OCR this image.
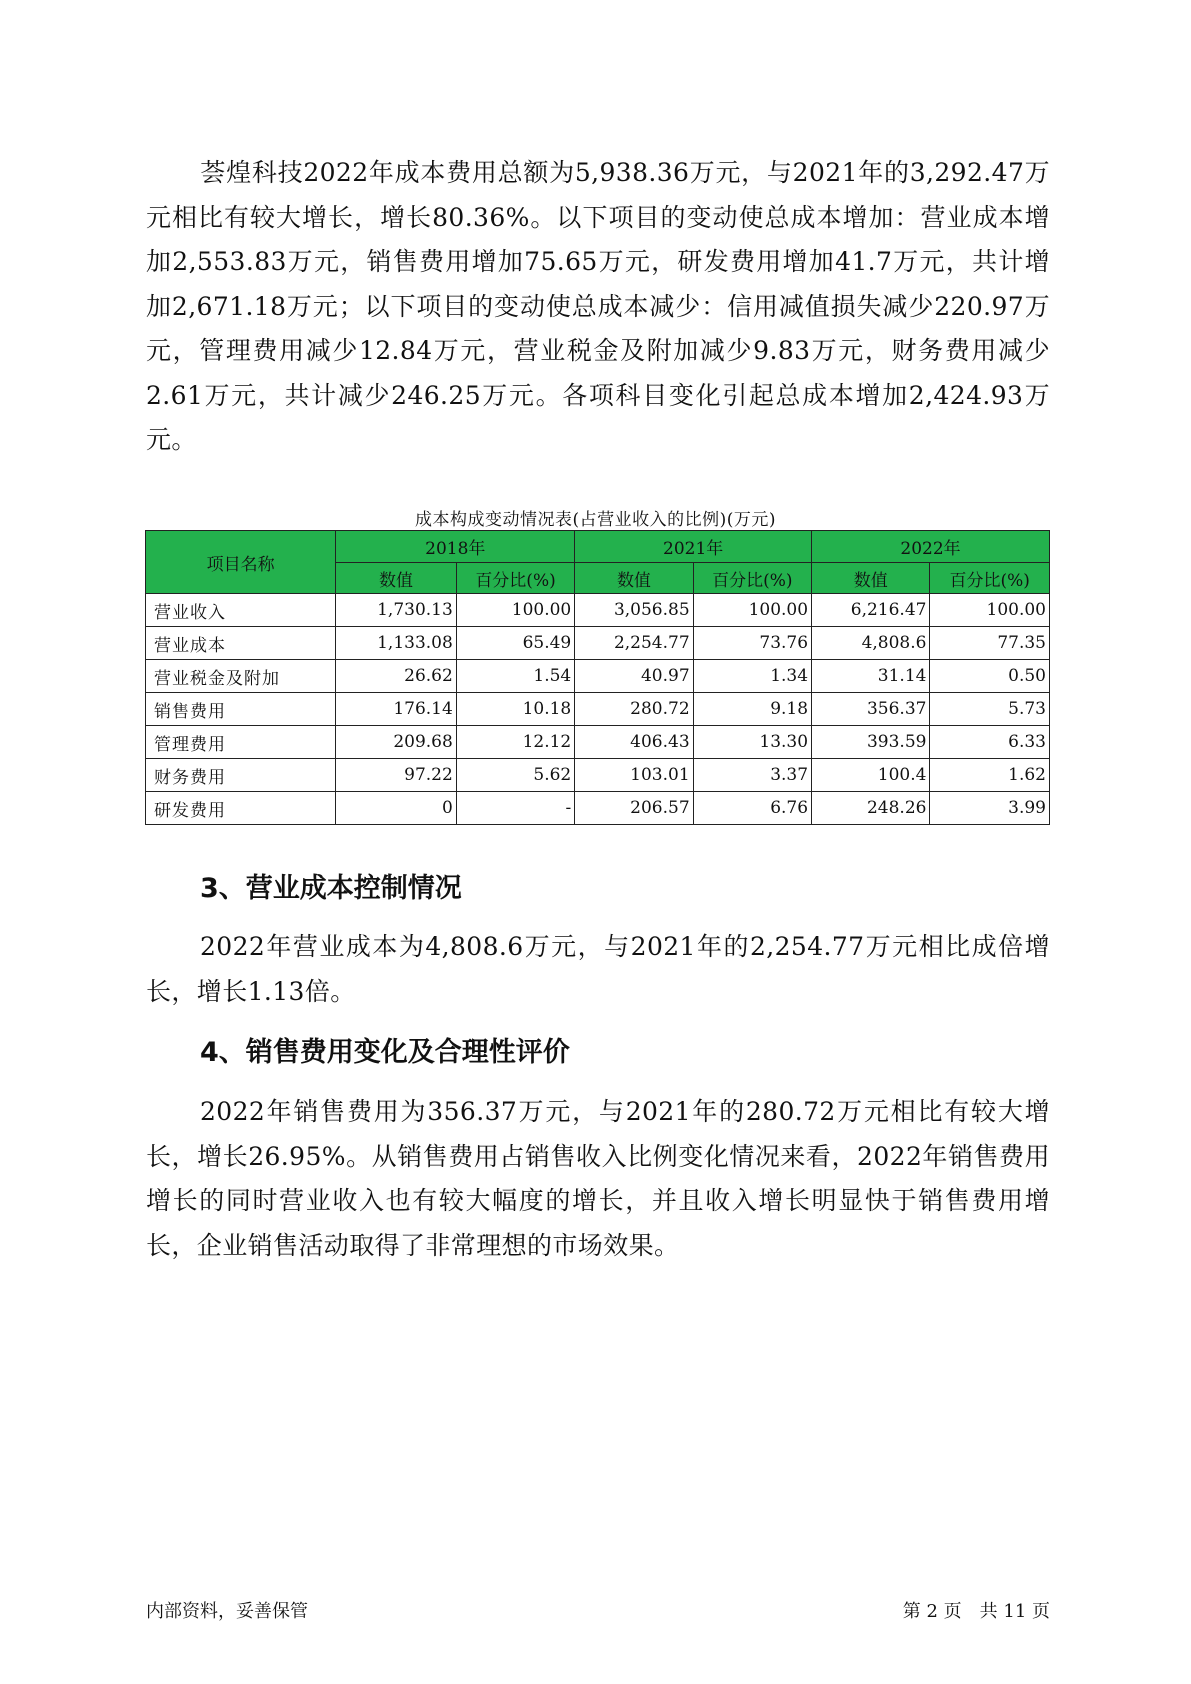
荟煌科技2022年成本费用总额为5,938.36万元，与2021年的3,292.47万元相比有较大增长，增长80.36%。以下项目的变动使总成本增加：营业成本增加2,553.83万元，销售费用增加75.65万元，研发费用增加41.7万元，共计增加2,671.18万元；以下项目的变动使总成本减少：信用减值损失减少220.97万元，管理费用减少12.84万元，营业税金及附加减少9.83万元，财务费用减少2.61万元，共计减少246.25万元。各项科目变化引起总成本增加2,424.93万元。

成本构成变动情况表(占营业收入的比例)(万元)
项目名称	2018年		2021年		2022年	
	数值	百分比(%)	数值	百分比(%)	数值	百分比(%)
营业收入	1,730.13	100.00	3,056.85	100.00	6,216.47	100.00
营业成本	1,133.08	65.49	2,254.77	73.76	4,808.6	77.35
营业税金及附加	26.62	1.54	40.97	1.34	31.14	0.50
销售费用	176.14	10.18	280.72	9.18	356.37	5.73
管理费用	209.68	12.12	406.43	13.30	393.59	6.33
财务费用	97.22	5.62	103.01	3.37	100.4	1.62
研发费用	0	-	206.57	6.76	248.26	3.99
3、营业成本控制情况

2022年营业成本为4,808.6万元，与2021年的2,254.77万元相比成倍增长，增长1.13倍。

4、销售费用变化及合理性评价

2022年销售费用为356.37万元，与2021年的280.72万元相比有较大增长，增长26.95%。从销售费用占销售收入比例变化情况来看，2022年销售费用增长的同时营业收入也有较大幅度的增长，并且收入增长明显快于销售费用增长，企业销售活动取得了非常理想的市场效果。

内部资料，妥善保管	第 2 页　共 11 页
